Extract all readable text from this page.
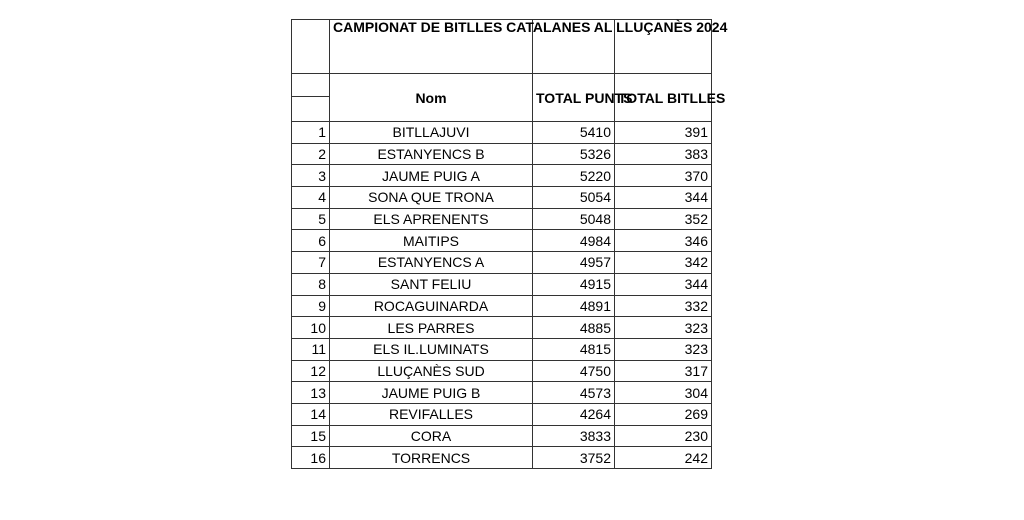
	CAMPIONAT DE BITLLES CATALANES AL LLUÇANÈS 2024		

	Nom	TOTAL PUNTS	TOTAL BITLLES
1	BITLLAJUVI	5410	391
2	ESTANYENCS B	5326	383
3	JAUME PUIG A	5220	370
4	SONA QUE TRONA	5054	344
5	ELS APRENENTS	5048	352
6	MAITIPS	4984	346
7	ESTANYENCS A	4957	342
8	SANT FELIU	4915	344
9	ROCAGUINARDA	4891	332
10	LES PARRES	4885	323
11	ELS IL.LUMINATS	4815	323
12	LLUÇANÈS SUD	4750	317
13	JAUME PUIG B	4573	304
14	REVIFALLES	4264	269
15	CORA	3833	230
16	TORRENCS	3752	242
